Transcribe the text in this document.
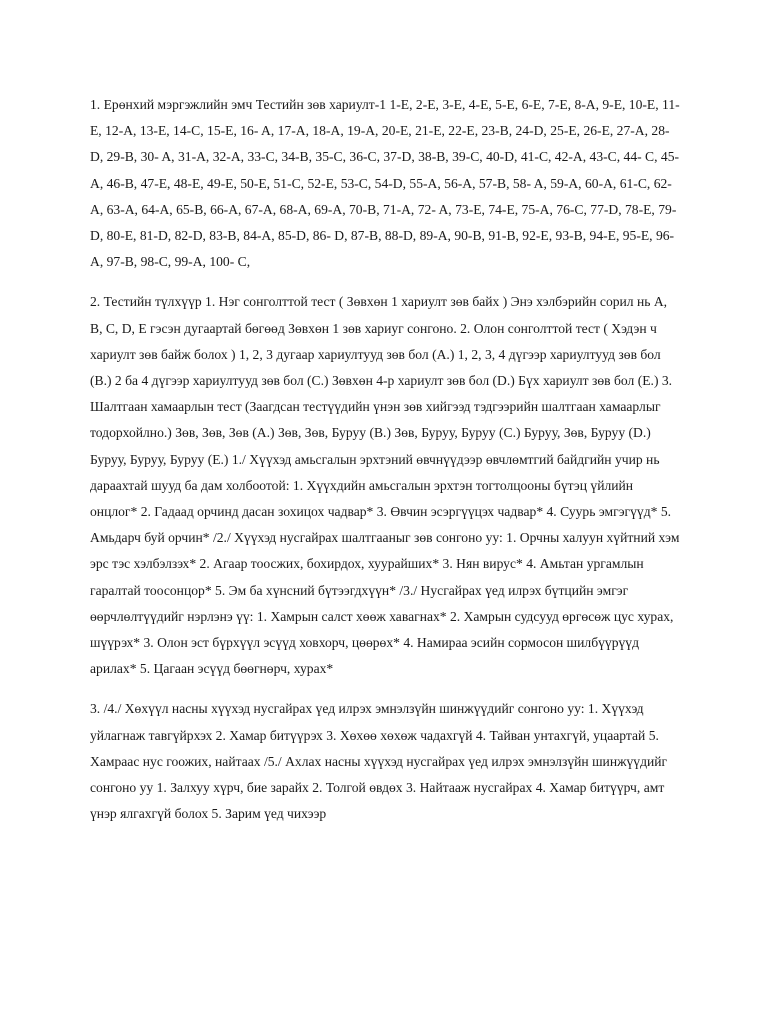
1. Ерөнхий мэргэжлийн эмч Тестийн зөв хариулт-1 1-E, 2-E, 3-E, 4-E, 5-E, 6-E, 7-E, 8-A, 9-E, 10-E, 11-E, 12-A, 13-E, 14-C, 15-E, 16- A, 17-A, 18-A, 19-A, 20-E, 21-E, 22-E, 23-B, 24-D, 25-E, 26-E, 27-A, 28-D, 29-B, 30- A, 31-A, 32-A, 33-C, 34-B, 35-C, 36-C, 37-D, 38-B, 39-C, 40-D, 41-C, 42-A, 43-C, 44- C, 45-A, 46-B, 47-E, 48-E, 49-E, 50-E, 51-C, 52-E, 53-C, 54-D, 55-A, 56-A, 57-B, 58- A, 59-A, 60-A, 61-C, 62-A, 63-A, 64-A, 65-B, 66-A, 67-A, 68-A, 69-A, 70-B, 71-A, 72- A, 73-E, 74-E, 75-A, 76-C, 77-D, 78-E, 79-D, 80-E, 81-D, 82-D, 83-B, 84-A, 85-D, 86- D, 87-B, 88-D, 89-A, 90-B, 91-B, 92-E, 93-B, 94-E, 95-E, 96-A, 97-B, 98-C, 99-A, 100- C,

2. Тестийн түлхүүр 1. Нэг сонголттой тест ( Зөвхөн 1 хариулт зөв байх ) Энэ хэлбэрийн сорил нь A, B, C, D, E гэсэн дугаартай бөгөөд Зөвхөн 1 зөв хариуг сонгоно. 2. Олон сонголттой тест ( Хэдэн ч хариулт зөв байж болох ) 1, 2, 3 дугаар хариултууд зөв бол (A.) 1, 2, 3, 4 дүгээр хариултууд зөв бол (B.) 2 ба 4 дүгээр хариултууд зөв бол (C.) Зөвхөн 4-р хариулт зөв бол (D.) Бүх хариулт зөв бол (E.) 3. Шалтгаан хамаарлын тест (Заагдсан тестүүдийн үнэн зөв хийгээд тэдгээрийн шалтгаан хамаарлыг тодорхойлно.) Зөв, Зөв, Зөв (A.) Зөв, Зөв, Буруу (B.) Зөв, Буруу, Буруу (C.) Буруу, Зөв, Буруу (D.) Буруу, Буруу, Буруу (E.) 1./ Хүүхэд амьсгалын эрхтэний өвчнүүдээр өвчлөмтгий байдгийн учир нь дараахтай шууд ба дам холбоотой: 1. Хүүхдийн амьсгалын эрхтэн тогтолцооны бүтэц үйлийн онцлог* 2. Гадаад орчинд дасан зохицох чадвар* 3. Өвчин эсэргүүцэх чадвар* 4. Суурь эмгэгүүд* 5. Амьдарч буй орчин* /2./ Хүүхэд нусгайрах шалтгааныг зөв сонгоно уу: 1. Орчны халуун хүйтний хэм эрс тэс хэлбэлзэх* 2. Агаар тоосжих, бохирдох, хуурайших* 3. Нян вирус* 4. Амьтан ургамлын гаралтай тоосонцор* 5. Эм ба хүнсний бүтээгдхүүн* /3./ Нусгайрах үед илрэх бүтцийн эмгэг өөрчлөлтүүдийг нэрлэнэ үү: 1. Хамрын салст хөөж хавагнах* 2. Хамрын судсууд өргөсөж цус хурах, шүүрэх* 3. Олон эст бүрхүүл эсүүд ховхорч, цөөрөх* 4. Намираа эсийн сормосон шилбүүрүүд арилах* 5. Цагаан эсүүд бөөгнөрч, хурах*

3. /4./ Хөхүүл насны хүүхэд нусгайрах үед илрэх эмнэлзүйн шинжүүдийг сонгоно уу: 1. Хүүхэд уйлагнаж тавгүйрхэх 2. Хамар битүүрэх 3. Хөхөө хөхөж чадахгүй 4. Тайван унтахгүй, уцаартай 5. Хамраас нус гоожих, найтаах /5./ Ахлах насны хүүхэд нусгайрах үед илрэх эмнэлзүйн шинжүүдийг сонгоно уу 1. Залхуу хүрч, бие зарайх 2. Толгой өвдөх 3. Найтааж нусгайрах 4. Хамар битүүрч, амт үнэр ялгахгүй болох 5. Зарим үед чихээр
